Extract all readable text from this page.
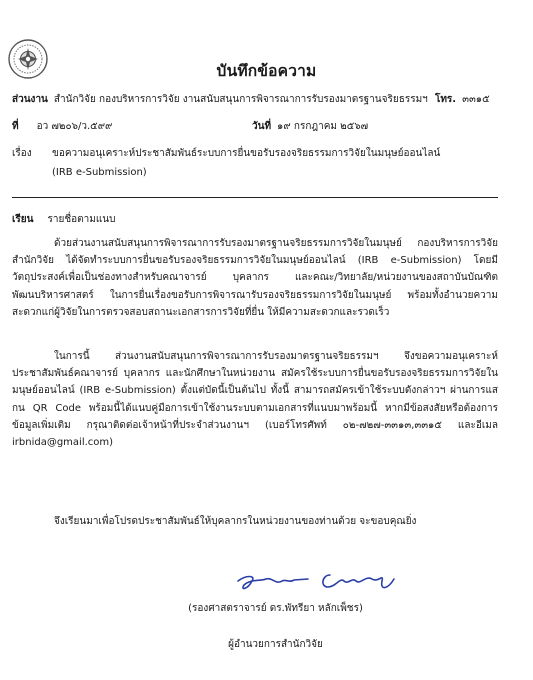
บันทึกข้อความ
ส่วนงาน สำนักวิจัย กองบริหารการวิจัย งานสนับสนุนการพิจารณาการรับรองมาตรฐานจริยธรรมฯ โทร. ๓๓๑๕
ที่ อว ๗๒๐๖/ว.๕๙๙	วันที่ ๑๙ กรกฎาคม ๒๕๖๗
เรื่อง ขอความอนุเคราะห์ประชาสัมพันธ์ระบบการยื่นขอรับรองจริยธรรมการวิจัยในมนุษย์ออนไลน์
(IRB e-Submission)
เรียน รายชื่อตามแนบ

ด้วยส่วนงานสนับสนุนการพิจารณาการรับรองมาตรฐานจริยธรรมการวิจัยในมนุษย์ กองบริหารการวิจัย สำนักวิจัย ได้จัดทำระบบการยื่นขอรับรองจริยธรรมการวิจัยในมนุษย์ออนไลน์ (IRB e-Submission) โดยมีวัตถุประสงค์เพื่อเป็นช่องทางสำหรับคณาจารย์ บุคลากร และคณะ/วิทยาลัย/หน่วยงานของสถาบันบัณฑิตพัฒนบริหารศาสตร์ ในการยื่นเรื่องขอรับการพิจารณารับรองจริยธรรมการวิจัยในมนุษย์ พร้อมทั้งอำนวยความสะดวกแก่ผู้วิจัยในการตรวจสอบสถานะเอกสารการวิจัยที่ยื่น ให้มีความสะดวกและรวดเร็ว

ในการนี้ ส่วนงานสนับสนุนการพิจารณาการรับรองมาตรฐานจริยธรรมฯ จึงขอความอนุเคราะห์ประชาสัมพันธ์คณาจารย์ บุคลากร และนักศึกษาในหน่วยงาน สมัครใช้ระบบการยื่นขอรับรองจริยธรรมการวิจัยในมนุษย์ออนไลน์ (IRB e-Submission) ตั้งแต่บัดนี้เป็นต้นไป ทั้งนี้ สามารถสมัครเข้าใช้ระบบดังกล่าวฯ ผ่านการแสกน QR Code พร้อมนี้ได้แนบคู่มือการเข้าใช้งานระบบตามเอกสารที่แนบมาพร้อมนี้ หากมีข้อสงสัยหรือต้องการข้อมูลเพิ่มเติม กรุณาติดต่อเจ้าหน้าที่ประจำส่วนงานฯ (เบอร์โทรศัพท์ ๐๒-๗๒๗-๓๓๑๓,๓๓๑๕ และอีเมล irbnida@gmail.com)

จึงเรียนมาเพื่อโปรดประชาสัมพันธ์ให้บุคลากรในหน่วยงานของท่านด้วย จะขอบคุณยิ่ง

(รองศาสตราจารย์ ดร.พัทรียา หลักเพ็ชร)
ผู้อำนวยการสำนักวิจัย
